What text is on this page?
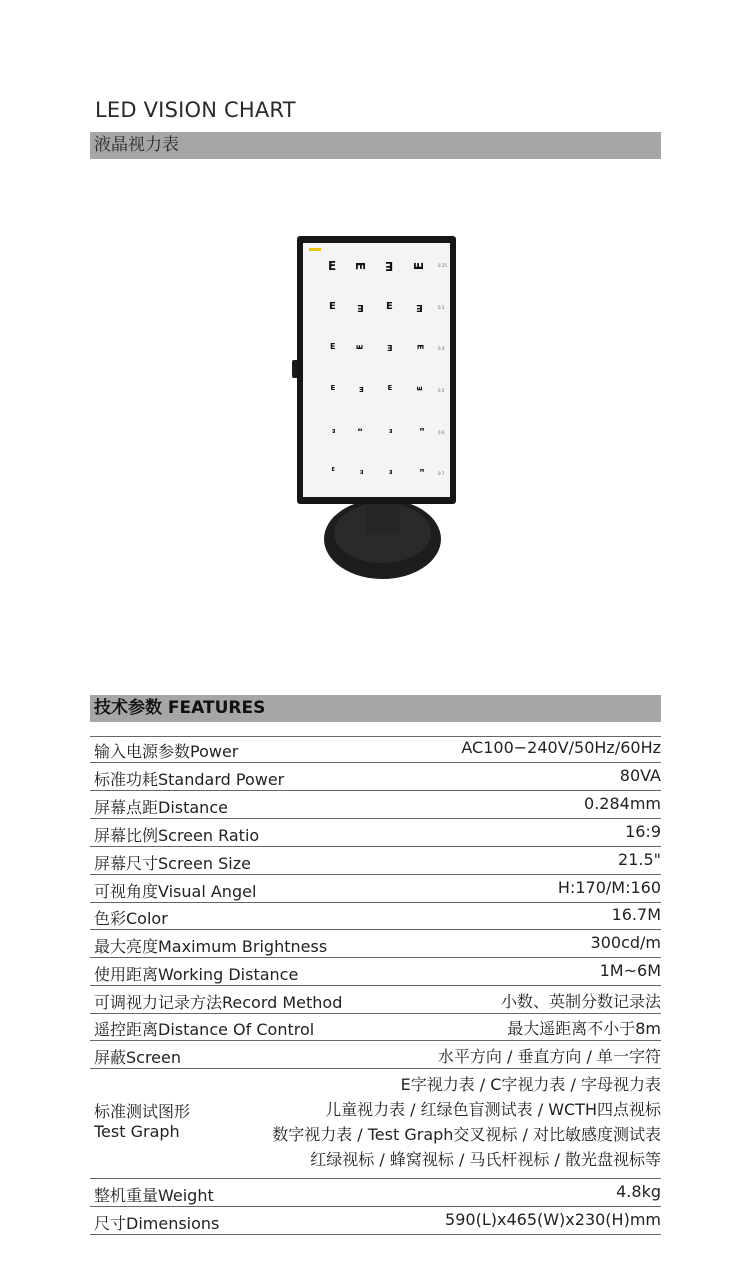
LED VISION CHART
液晶视力表
E E E E	0.25
E E E E	0.3
E	E	E	E	0.4
E	E	E	E	0.5
E	E	E	E
0.6
E	E	E	E
0.7
技术参数 FEATURES
输入电源参数Power	AC100−240V/50Hz/60Hz
标准功耗Standard Power	80VA
屏幕点距Distance	0.284mm
屏幕比例Screen Ratio	16:9
屏幕尺寸Screen Size	21.5"
可视角度Visual Angel	H:170/M:160
色彩Color	16.7M
最大亮度Maximum Brightness	300cd/m
使用距离Working Distance	1M~6M
可调视力记录方法Record Method	小数、英制分数记录法
遥控距离Distance Of Control	最大遥距离不小于8m
屏蔽Screen	水平方向 / 垂直方向 / 单一字符
标准测试图形
Test Graph
E字视力表 / C字视力表 / 字母视力表
儿童视力表 / 红绿色盲测试表 / WCTH四点视标
数字视力表 / Test Graph交叉视标 / 对比敏感度测试表
红绿视标 / 蜂窝视标 / 马氏杆视标 / 散光盘视标等
整机重量Weight	4.8kg
尺寸Dimensions	590(L)x465(W)x230(H)mm
